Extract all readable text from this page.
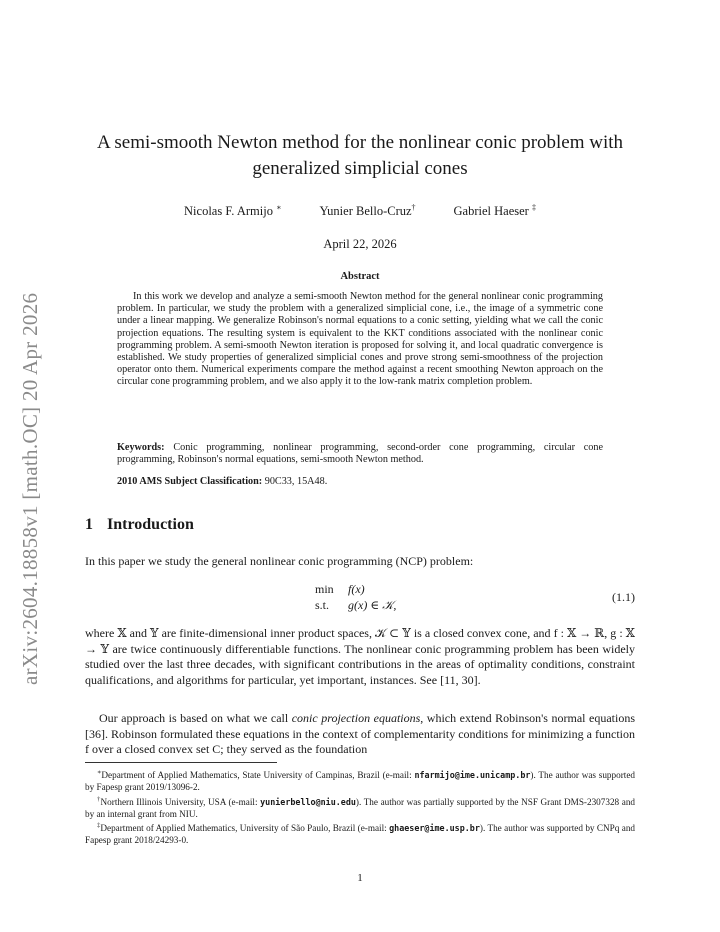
arXiv:2604.18858v1 [math.OC] 20 Apr 2026
A semi-smooth Newton method for the nonlinear conic problem with generalized simplicial cones
Nicolas F. Armijo ∗	Yunier Bello-Cruz†	Gabriel Haeser ‡
April 22, 2026
Abstract
In this work we develop and analyze a semi-smooth Newton method for the general nonlinear conic programming problem. In particular, we study the problem with a generalized simplicial cone, i.e., the image of a symmetric cone under a linear mapping. We generalize Robinson's normal equations to a conic setting, yielding what we call the conic projection equations. The resulting system is equivalent to the KKT conditions associated with the nonlinear conic programming problem. A semi-smooth Newton iteration is proposed for solving it, and local quadratic convergence is established. We study properties of generalized simplicial cones and prove strong semi-smoothness of the projection operator onto them. Numerical experiments compare the method against a recent smoothing Newton approach on the circular cone programming problem, and we also apply it to the low-rank matrix completion problem.
Keywords: Conic programming, nonlinear programming, second-order cone programming, circular cone programming, Robinson's normal equations, semi-smooth Newton method.
2010 AMS Subject Classification: 90C33, 15A48.
1 Introduction
In this paper we study the general nonlinear conic programming (NCP) problem:
min f(x)
s.t. g(x) ∈ 𝒦,
(1.1)
where 𝕏 and 𝕐 are finite-dimensional inner product spaces, 𝒦 ⊂ 𝕐 is a closed convex cone, and f : 𝕏 → ℝ, g : 𝕏 → 𝕐 are twice continuously differentiable functions. The nonlinear conic programming problem has been widely studied over the last three decades, with significant contributions in the areas of optimality conditions, constraint qualifications, and algorithms for particular, yet important, instances. See [11, 30].
Our approach is based on what we call conic projection equations, which extend Robinson's normal equations [36]. Robinson formulated these equations in the context of complementarity conditions for minimizing a function f over a closed convex set C; they served as the foundation

∗Department of Applied Mathematics, State University of Campinas, Brazil (e-mail: nfarmijo@ime.unicamp.br). The author was supported by Fapesp grant 2019/13096-2.

†Northern Illinois University, USA (e-mail: yunierbello@niu.edu). The author was partially supported by the NSF Grant DMS-2307328 and by an internal grant from NIU.

‡Department of Applied Mathematics, University of São Paulo, Brazil (e-mail: ghaeser@ime.usp.br). The author was supported by CNPq and Fapesp grant 2018/24293-0.

1
